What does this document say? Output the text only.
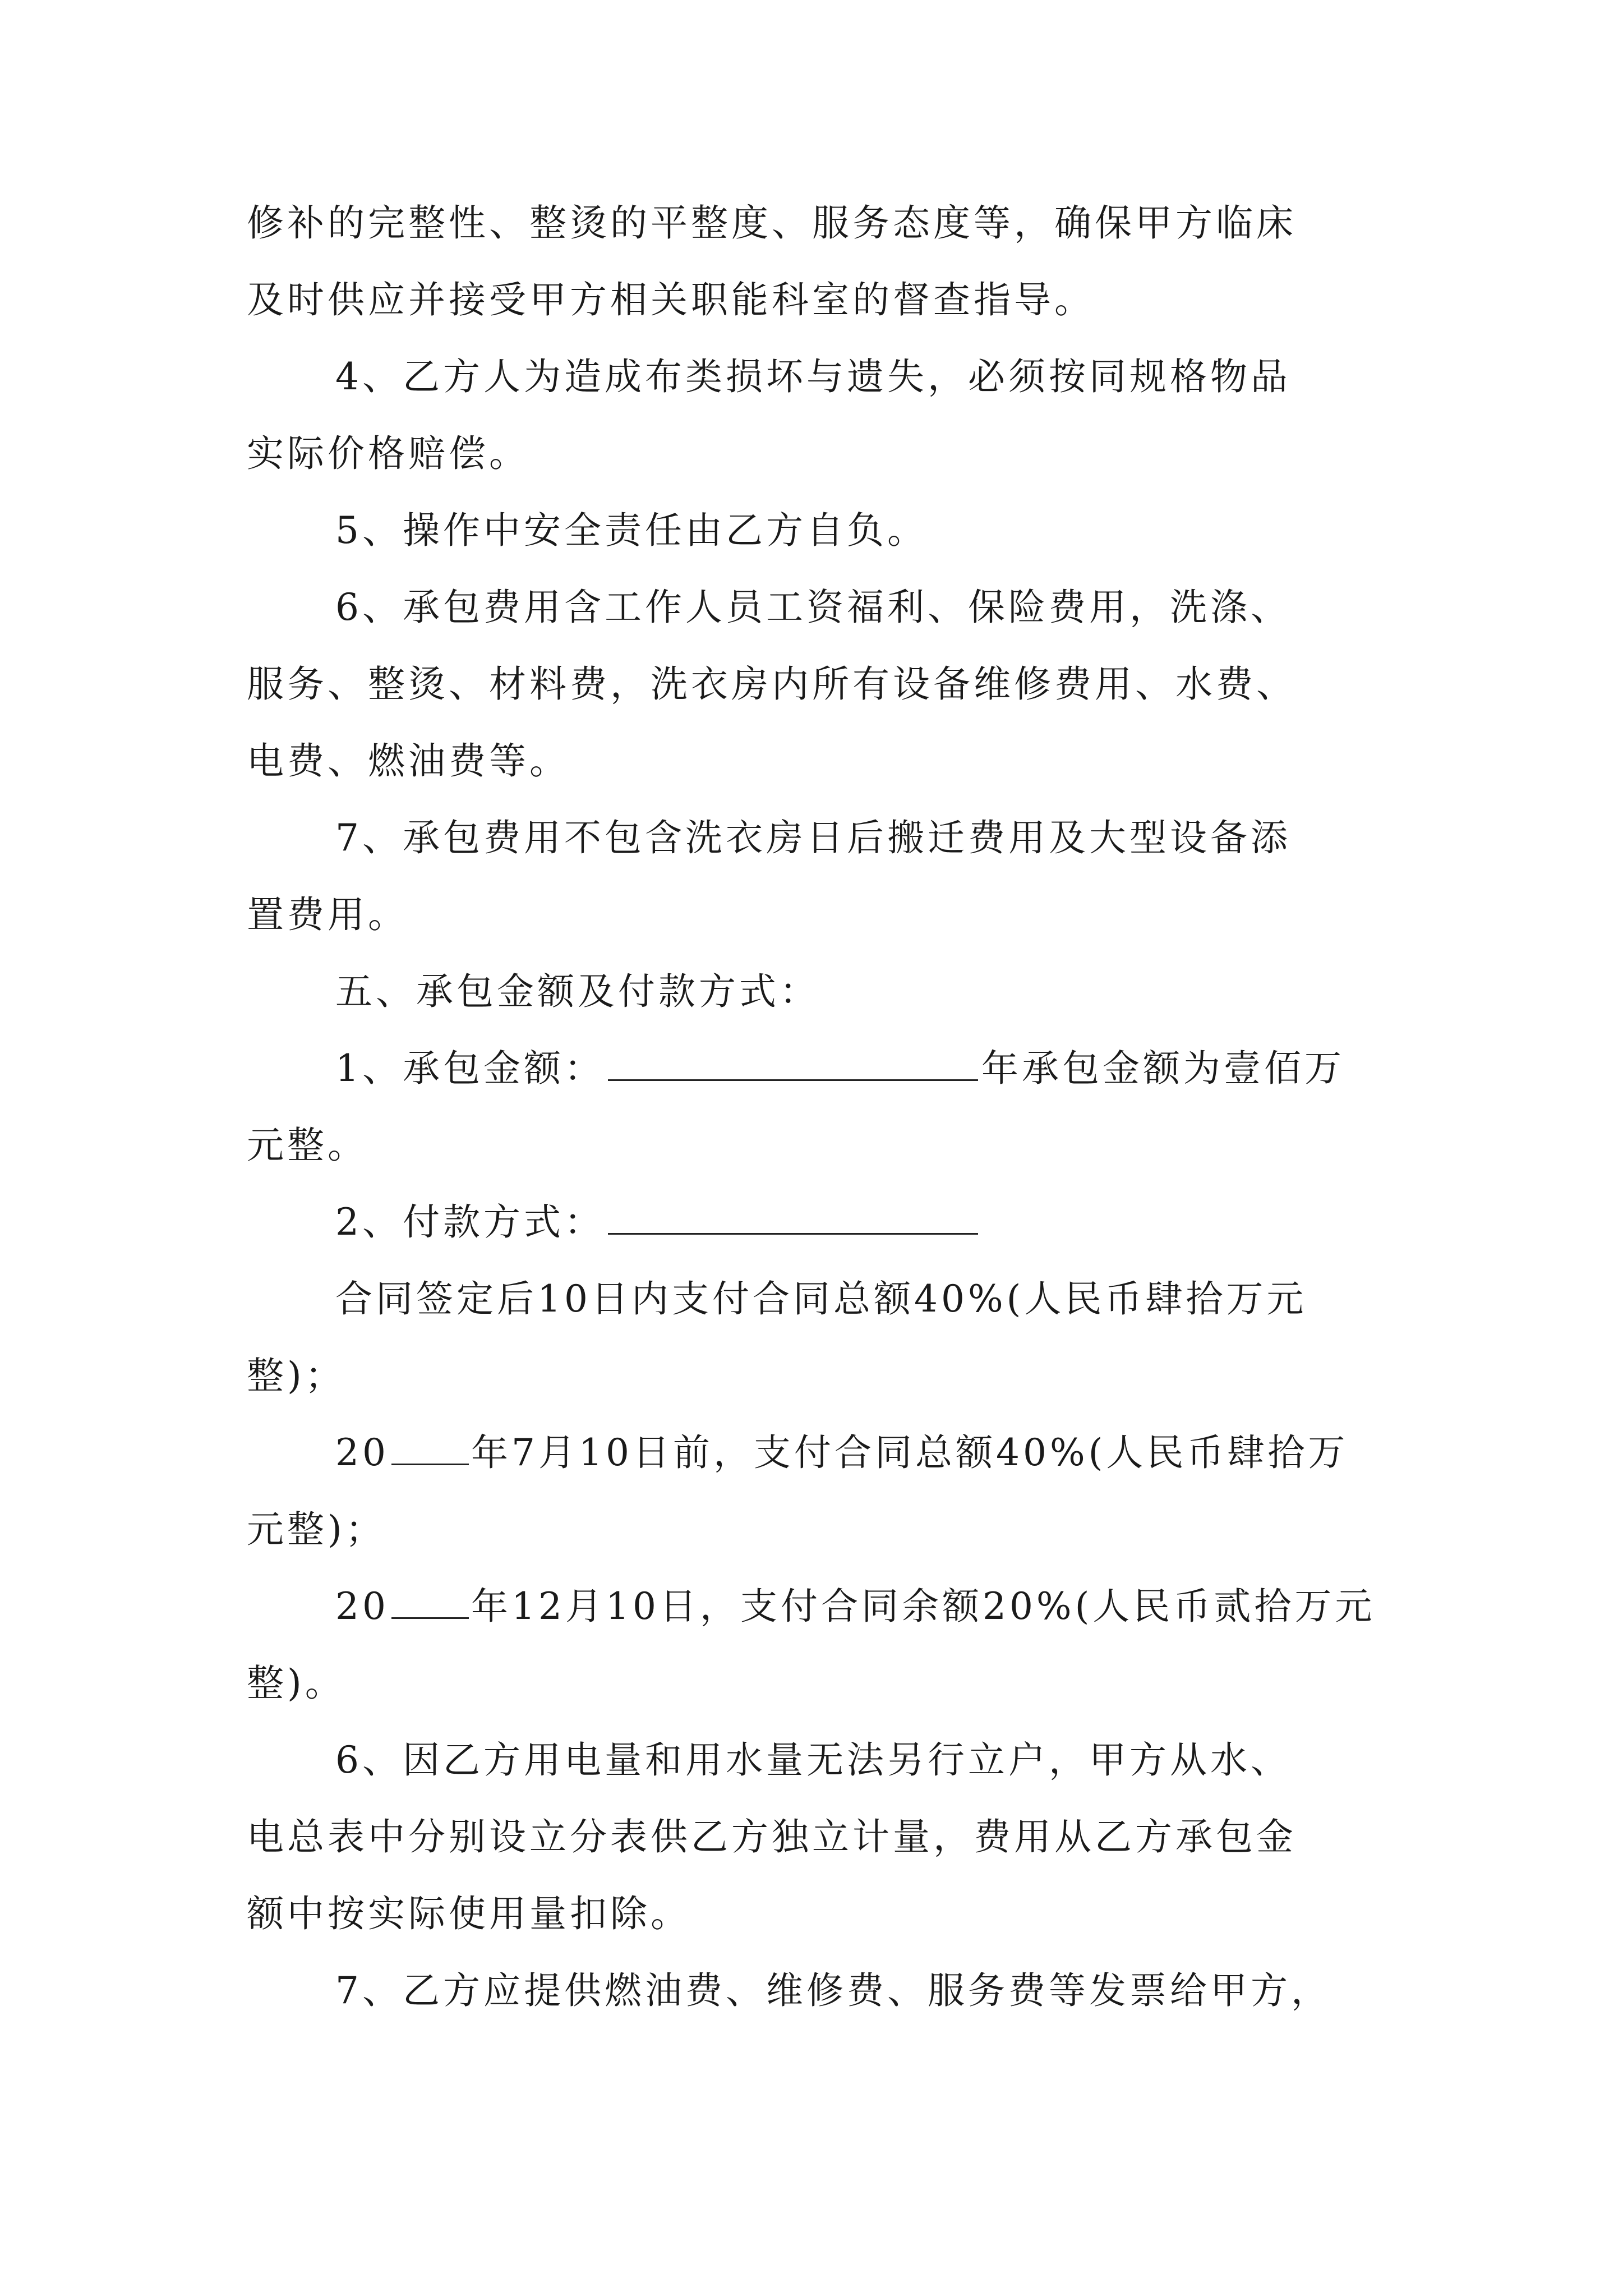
修补的完整性、整烫的平整度、服务态度等，确保甲方临床
及时供应并接受甲方相关职能科室的督查指导。
4、乙方人为造成布类损坏与遗失，必须按同规格物品
实际价格赔偿。
5、操作中安全责任由乙方自负。
6、承包费用含工作人员工资福利、保险费用，洗涤、
服务、整烫、材料费，洗衣房内所有设备维修费用、水费、
电费、燃油费等。
7、承包费用不包含洗衣房日后搬迁费用及大型设备添
置费用。
五、承包金额及付款方式：
1、承包金额：	年承包金额为壹佰万
元整。
2、付款方式：
合同签定后10日内支付合同总额40%(人民币肆拾万元
整)；
20 年7月10日前，支付合同总额40%(人民币肆拾万
元整)；
20 年12月10日，支付合同余额20%(人民币贰拾万元
整)。
6、因乙方用电量和用水量无法另行立户，甲方从水、
电总表中分别设立分表供乙方独立计量，费用从乙方承包金
额中按实际使用量扣除。
7、乙方应提供燃油费、维修费、服务费等发票给甲方，
